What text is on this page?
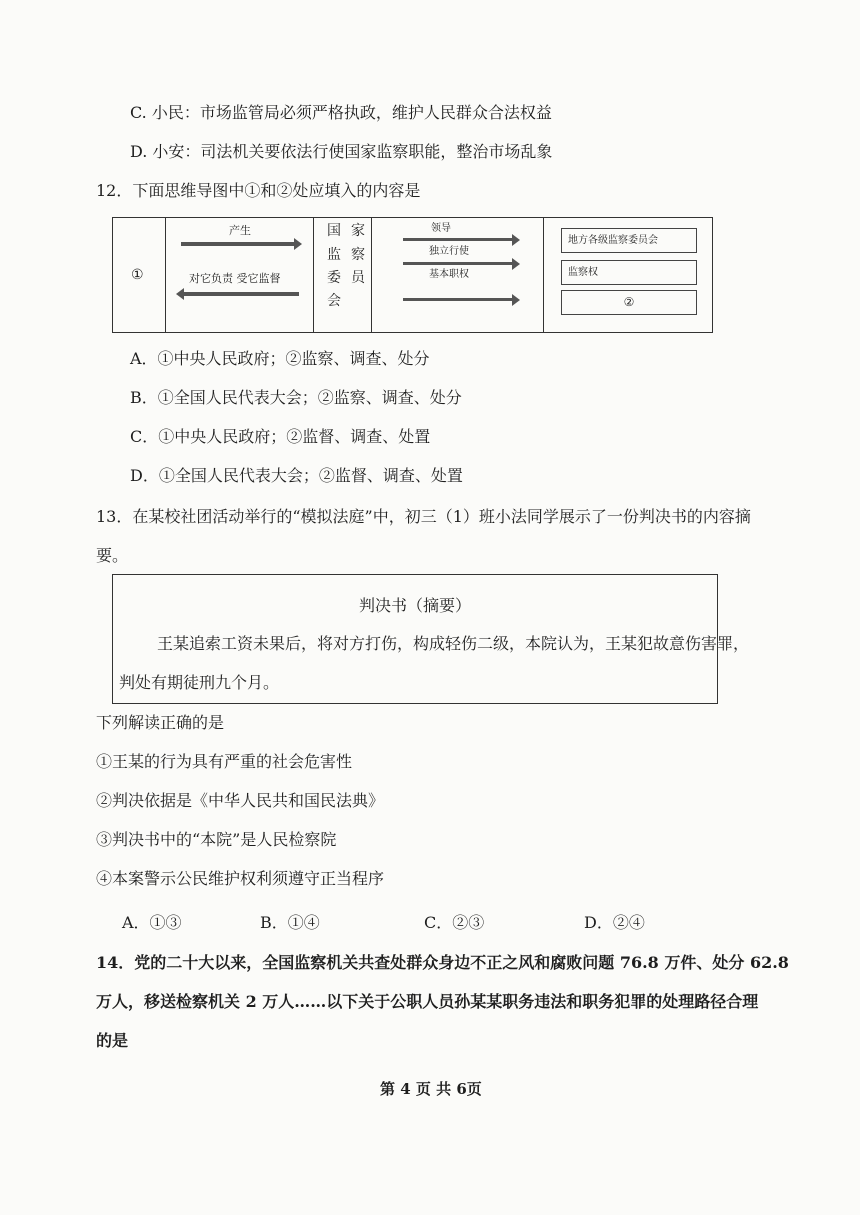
C. 小民：市场监管局必须严格执政，维护人民群众合法权益
D. 小安：司法机关要依法行使国家监察职能，整治市场乱象
12．下面思维导图中①和②处应填入的内容是
①
产生
对它负责 受它监督
国 家
监 察
委 员
会
领导
独立行使
基本职权
地方各级监察委员会
监察权
②
A．①中央人民政府；②监察、调查、处分
B．①全国人民代表大会；②监察、调查、处分
C．①中央人民政府；②监督、调查、处置
D．①全国人民代表大会；②监督、调查、处置
13．在某校社团活动举行的“模拟法庭”中，初三（1）班小法同学展示了一份判决书的内容摘
要。
判决书（摘要）
王某追索工资未果后，将对方打伤，构成轻伤二级，本院认为，王某犯故意伤害罪，
判处有期徒刑九个月。
下列解读正确的是
①王某的行为具有严重的社会危害性
②判决依据是《中华人民共和国民法典》
③判决书中的“本院”是人民检察院
④本案警示公民维护权利须遵守正当程序
A．①③	B．①④	C．②③	D．②④
14．党的二十大以来，全国监察机关共查处群众身边不正之风和腐败问题 76.8 万件、处分 62.8
万人，移送检察机关 2 万人……以下关于公职人员孙某某职务违法和职务犯罪的处理路径合理
的是
第 4 页 共 6页
